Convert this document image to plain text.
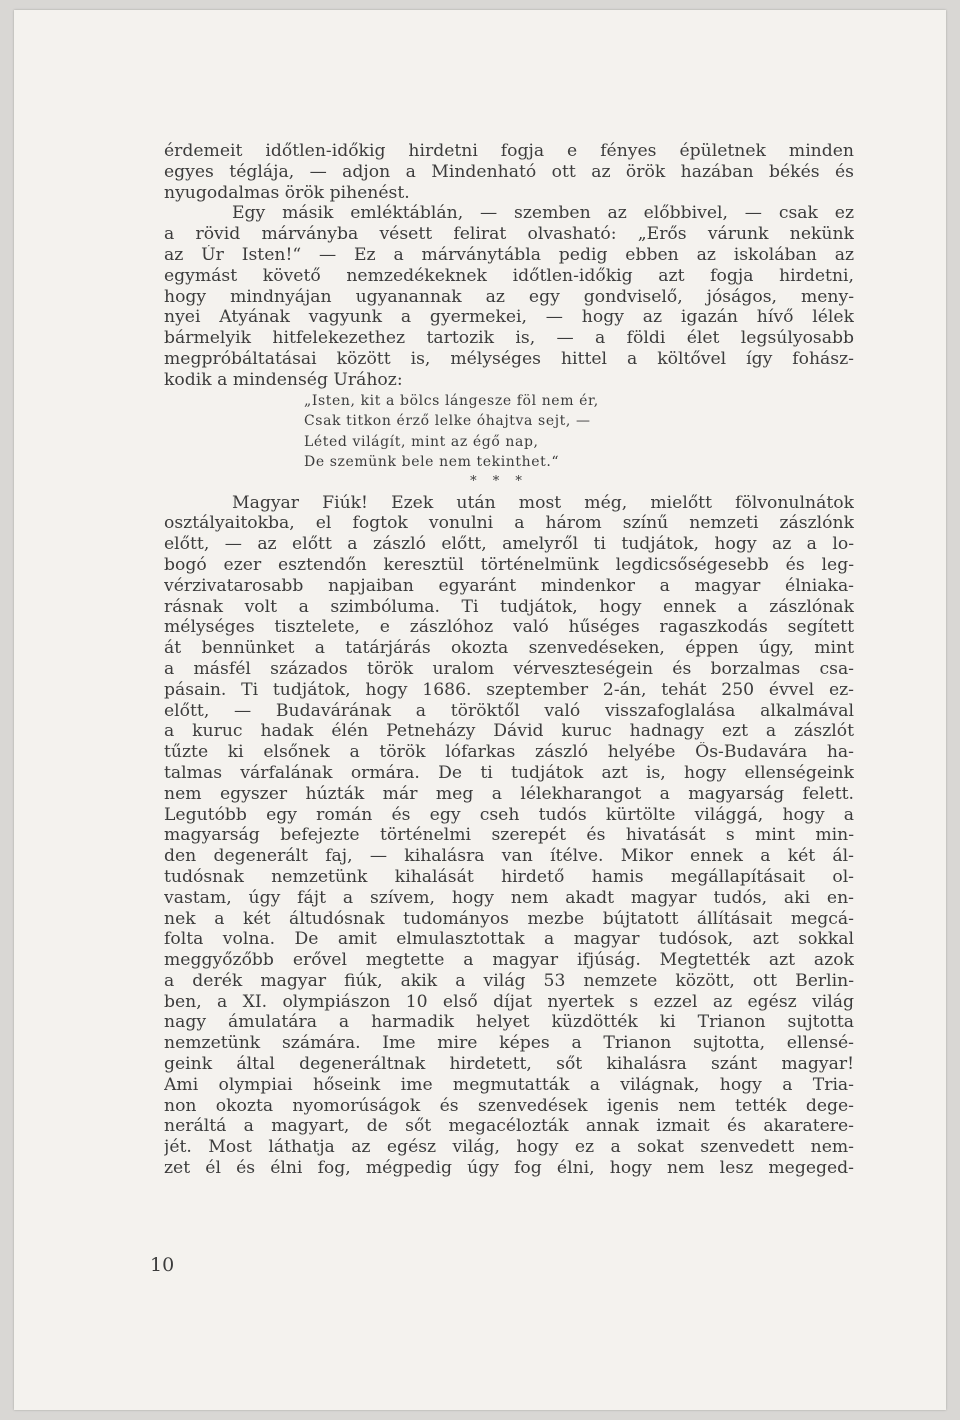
érdemeit időtlen-időkig hirdetni fogja e fényes épületnek minden
egyes téglája, — adjon a Mindenható ott az örök hazában békés és
nyugodalmas örök pihenést.
Egy másik emléktáblán, — szemben az előbbivel, — csak ez
a rövid márványba vésett felirat olvasható: „Erős várunk nekünk
az Úr Isten!“ — Ez a márványtábla pedig ebben az iskolában az
egymást követő nemzedékeknek időtlen-időkig azt fogja hirdetni,
hogy mindnyájan ugyanannak az egy gondviselő, jóságos, meny-
nyei Atyának vagyunk a gyermekei, — hogy az igazán hívő lélek
bármelyik hitfelekezethez tartozik is, — a földi élet legsúlyosabb
megpróbáltatásai között is, mélységes hittel a költővel így fohász-
kodik a mindenség Urához:
„Isten, kit a bölcs lángesze föl nem ér,
Csak titkon érző lelke óhajtva sejt, —
Léted világít, mint az égő nap,
De szemünk bele nem tekinthet.“
* * *
Magyar Fiúk! Ezek után most még, mielőtt fölvonulnátok
osztályaitokba, el fogtok vonulni a három színű nemzeti zászlónk
előtt, — az előtt a zászló előtt, amelyről ti tudjátok, hogy az a lo-
bogó ezer esztendőn keresztül történelmünk legdicsőségesebb és leg-
vérzivatarosabb napjaiban egyaránt mindenkor a magyar élniaka-
rásnak volt a szimbóluma. Ti tudjátok, hogy ennek a zászlónak
mélységes tisztelete, e zászlóhoz való hűséges ragaszkodás segített
át bennünket a tatárjárás okozta szenvedéseken, éppen úgy, mint
a másfél százados török uralom vérveszteségein és borzalmas csa-
pásain. Ti tudjátok, hogy 1686. szeptember 2-án, tehát 250 évvel ez-
előtt, — Budavárának a töröktől való visszafoglalása alkalmával
a kuruc hadak élén Petneházy Dávid kuruc hadnagy ezt a zászlót
tűzte ki elsőnek a török lófarkas zászló helyébe Ős-Budavára ha-
talmas várfalának ormára. De ti tudjátok azt is, hogy ellenségeink
nem egyszer húzták már meg a lélekharangot a magyarság felett.
Legutóbb egy román és egy cseh tudós kürtölte világgá, hogy a
magyarság befejezte történelmi szerepét és hivatását s mint min-
den degenerált faj, — kihalásra van ítélve. Mikor ennek a két ál-
tudósnak nemzetünk kihalását hirdető hamis megállapításait ol-
vastam, úgy fájt a szívem, hogy nem akadt magyar tudós, aki en-
nek a két áltudósnak tudományos mezbe bújtatott állításait megcá-
folta volna. De amit elmulasztottak a magyar tudósok, azt sokkal
meggyőzőbb erővel megtette a magyar ifjúság. Megtették azt azok
a derék magyar fiúk, akik a világ 53 nemzete között, ott Berlin-
ben, a XI. olympiászon 10 első díjat nyertek s ezzel az egész világ
nagy ámulatára a harmadik helyet küzdötték ki Trianon sujtotta
nemzetünk számára. Ime mire képes a Trianon sujtotta, ellensé-
geink által degeneráltnak hirdetett, sőt kihalásra szánt magyar!
Ami olympiai hőseink ime megmutatták a világnak, hogy a Tria-
non okozta nyomorúságok és szenvedések igenis nem tették dege-
neráltá a magyart, de sőt megacélozták annak izmait és akaratere-
jét. Most láthatja az egész világ, hogy ez a sokat szenvedett nem-
zet él és élni fog, mégpedig úgy fog élni, hogy nem lesz megeged-
10
